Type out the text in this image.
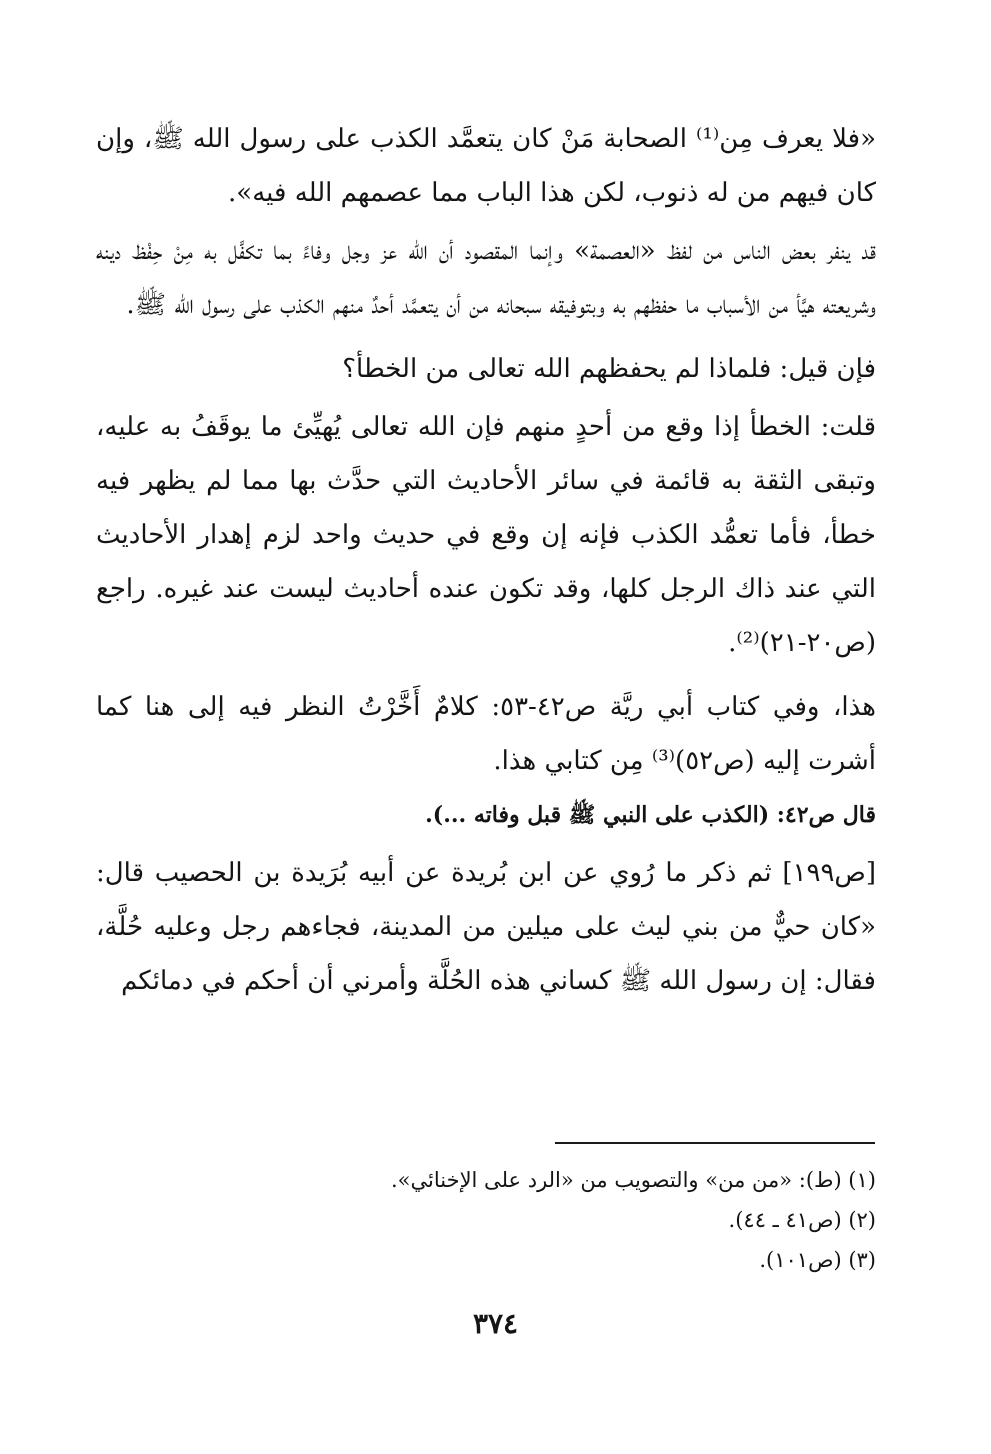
«فلا يعرف مِن⁽¹⁾ الصحابة مَنْ كان يتعمَّد الكذب على رسول الله ﷺ، وإن كان فيهم من له ذنوب، لكن هذا الباب مما عصمهم الله فيه».

قد ينفر بعض الناس من لفظ «العصمة» وإنما المقصود أن الله عز وجل وفاءً بما تكفَّل به مِنْ حِفْظ دينه وشريعته هيَّأ من الأسباب ما حفظهم به وبتوفيقه سبحانه من أن يتعمَّد أحدٌ منهم الكذب على رسول الله ﷺ.

فإن قيل: فلماذا لم يحفظهم الله تعالى من الخطأ؟

قلت: الخطأ إذا وقع من أحدٍ منهم فإن الله تعالى يُهيِّئ ما يوقَفُ به عليه، وتبقى الثقة به قائمة في سائر الأحاديث التي حدَّث بها مما لم يظهر فيه خطأ، فأما تعمُّد الكذب فإنه إن وقع في حديث واحد لزم إهدار الأحاديث التي عند ذاك الرجل كلها، وقد تكون عنده أحاديث ليست عند غيره. راجع (ص٢٠-٢١)⁽²⁾.

هذا، وفي كتاب أبي ريَّة ص٤٢-٥٣: كلامٌ أَخَّرْتُ النظر فيه إلى هنا كما أشرت إليه (ص٥٢)⁽³⁾ مِن كتابي هذا.

قال ص٤٢: (الكذب على النبي ﷺ قبل وفاته ...).

[ص١٩٩] ثم ذكر ما رُوي عن ابن بُريدة عن أبيه بُرَيدة بن الحصيب قال: «كان حيٌّ من بني ليث على ميلين من المدينة، فجاءهم رجل وعليه حُلَّة، فقال: إن رسول الله ﷺ كساني هذه الحُلَّة وأمرني أن أحكم في دمائكم

(١) (ط): «من من» والتصويب من «الرد على الإخنائي».

(٢) (ص٤١ ـ ٤٤).

(٣) (ص١٠١).

٣٧٤
